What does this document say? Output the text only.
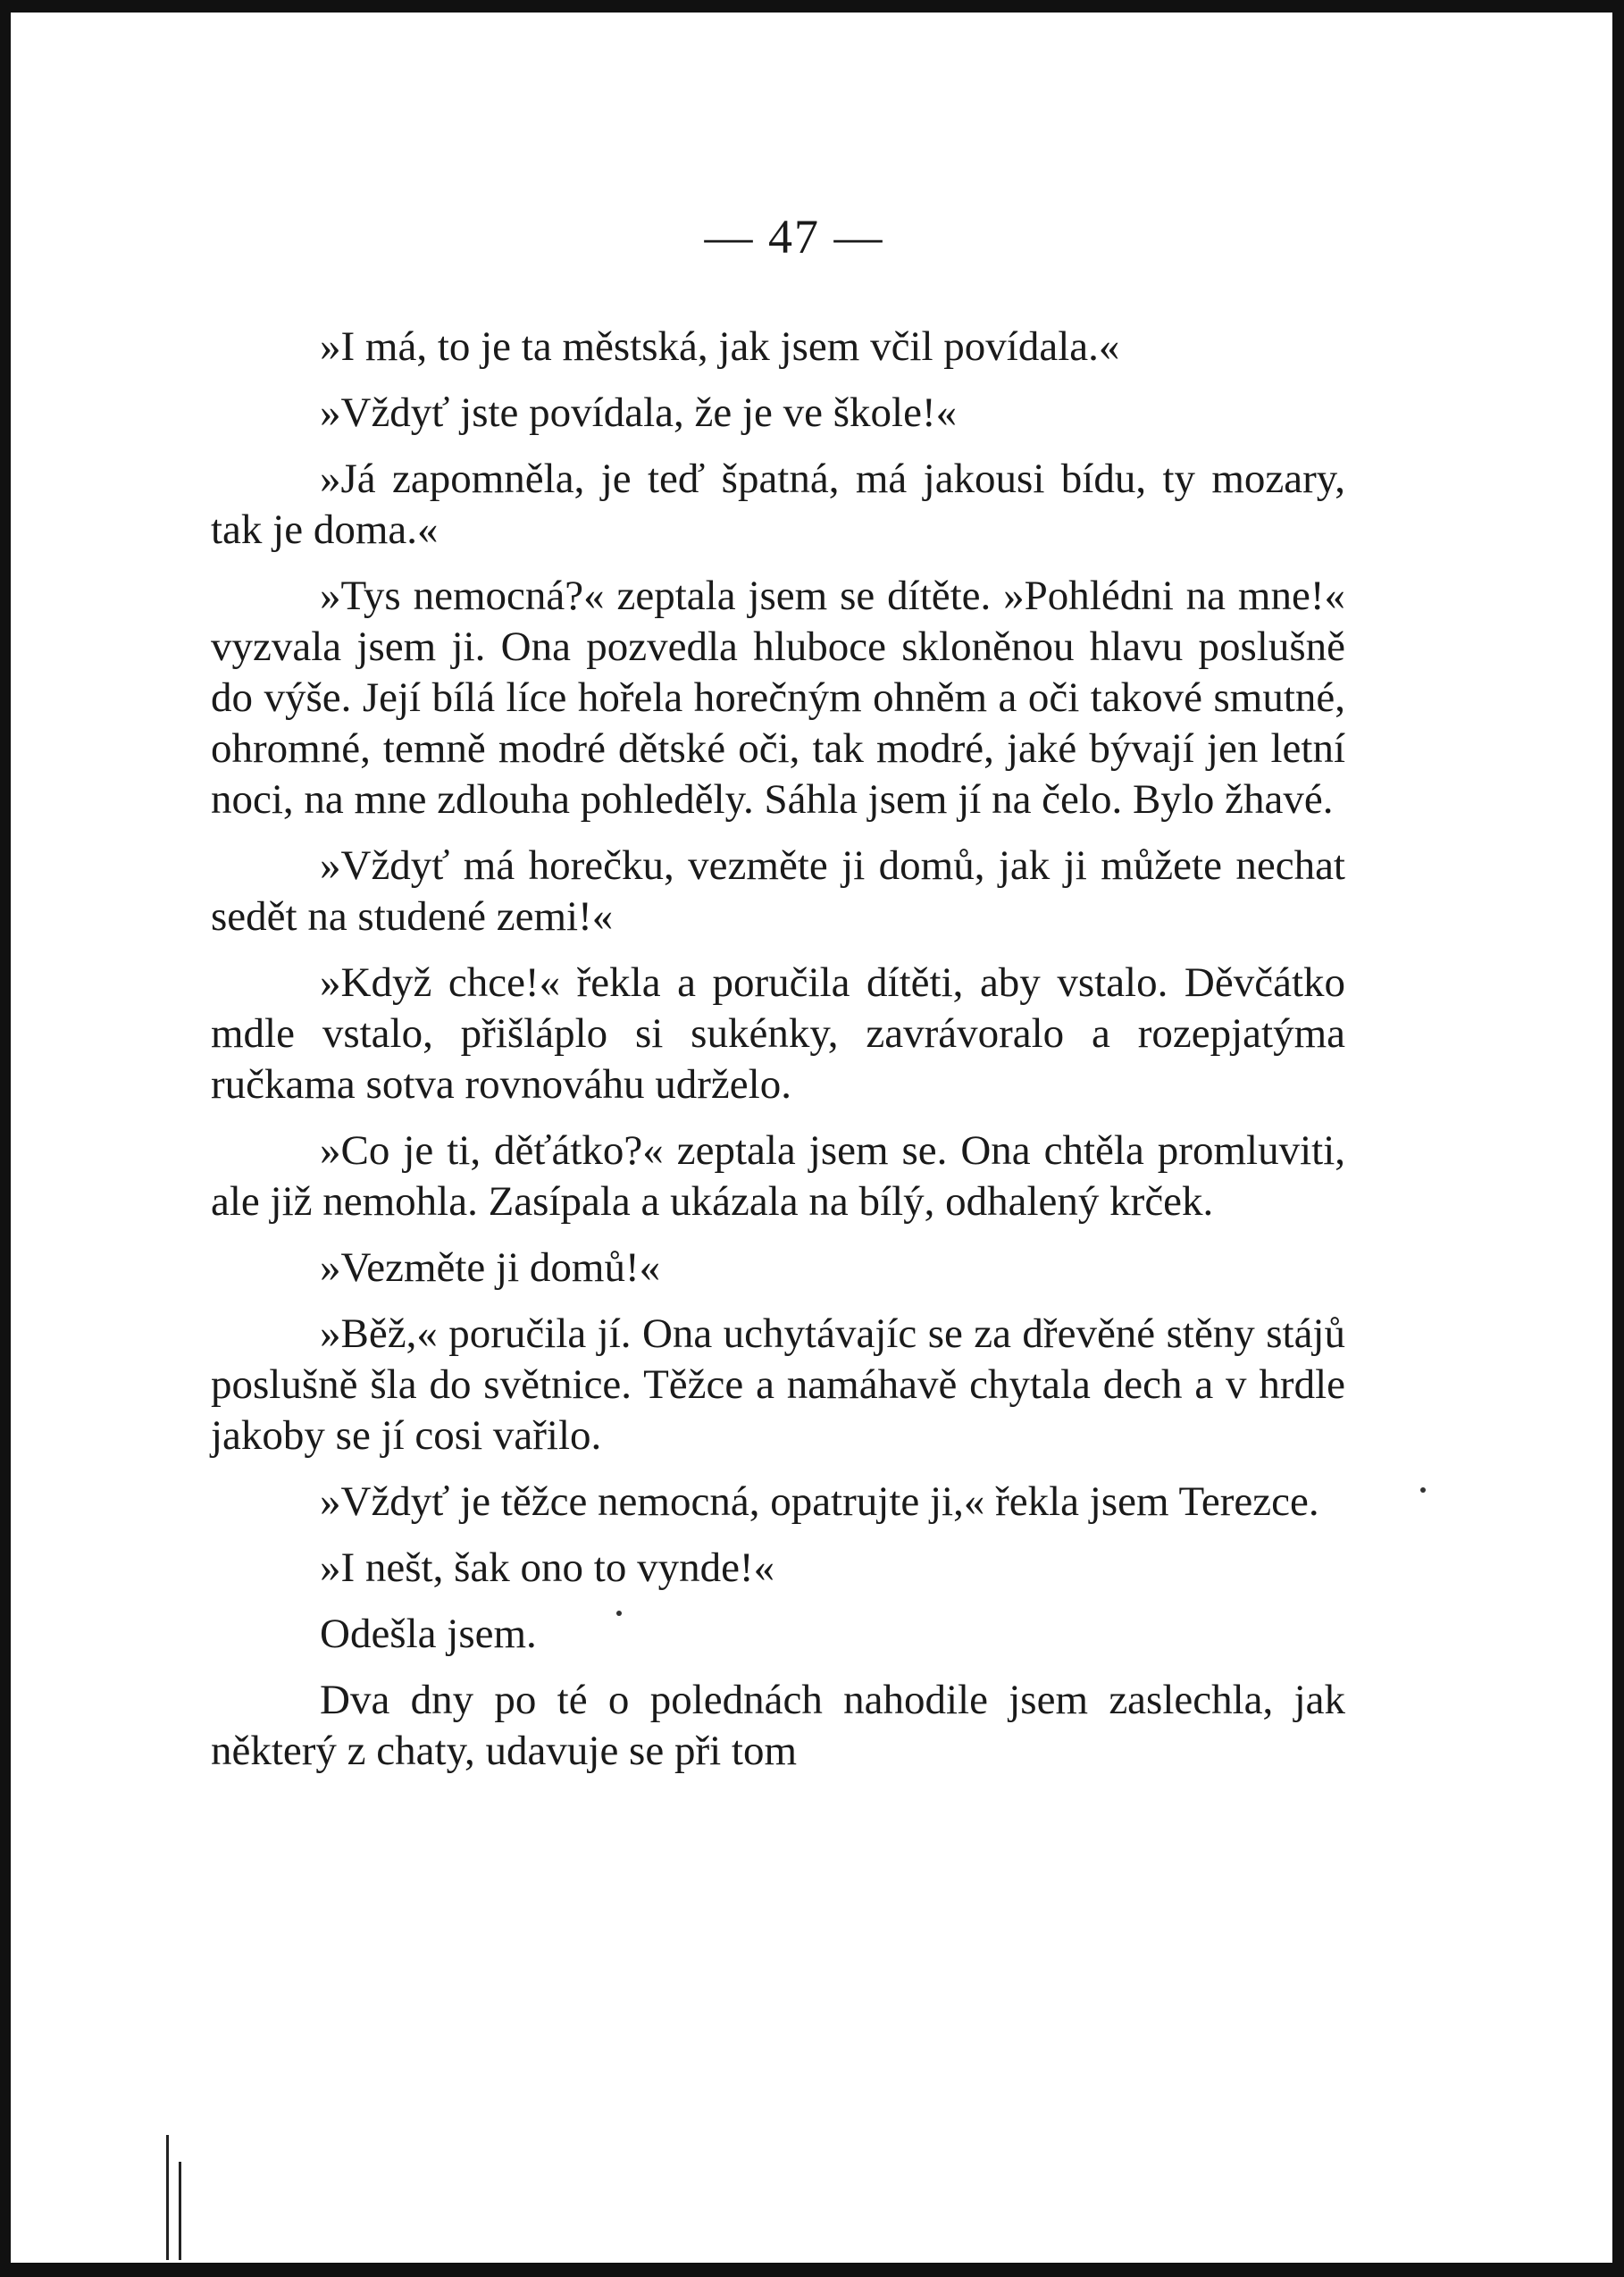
— 47 —

»I má, to je ta městská, jak jsem včil povídala.«

»Vždyť jste povídala, že je ve škole!«

»Já zapomněla, je teď špatná, má jakousi bídu, ty mozary, tak je doma.«

»Tys nemocná?« zeptala jsem se dítěte. »Pohlédni na mne!« vyzvala jsem ji. Ona pozvedla hluboce skloněnou hlavu poslušně do výše. Její bílá líce hořela horečným ohněm a oči takové smutné, ohromné, temně modré dětské oči, tak modré, jaké bývají jen letní noci, na mne zdlouha pohleděly. Sáhla jsem jí na čelo. Bylo žhavé.

»Vždyť má horečku, vezměte ji domů, jak ji můžete nechat sedět na studené zemi!«

»Když chce!« řekla a poručila dítěti, aby vstalo. Děvčátko mdle vstalo, přišláplo si sukénky, zavrávoralo a rozepjatýma ručkama sotva rovnováhu udrželo.

»Co je ti, děťátko?« zeptala jsem se. Ona chtěla promluviti, ale již nemohla. Zasípala a ukázala na bílý, odhalený krček.

»Vezměte ji domů!«

»Běž,« poručila jí. Ona uchytávajíc se za dřevěné stěny stájů poslušně šla do světnice. Těžce a namáhavě chytala dech a v hrdle jakoby se jí cosi vařilo.

»Vždyť je těžce nemocná, opatrujte ji,« řekla jsem Terezce.

»I nešt, šak ono to vynde!«

Odešla jsem.

Dva dny po té o polednách nahodile jsem zaslechla, jak některý z chaty, udavuje se při tom
